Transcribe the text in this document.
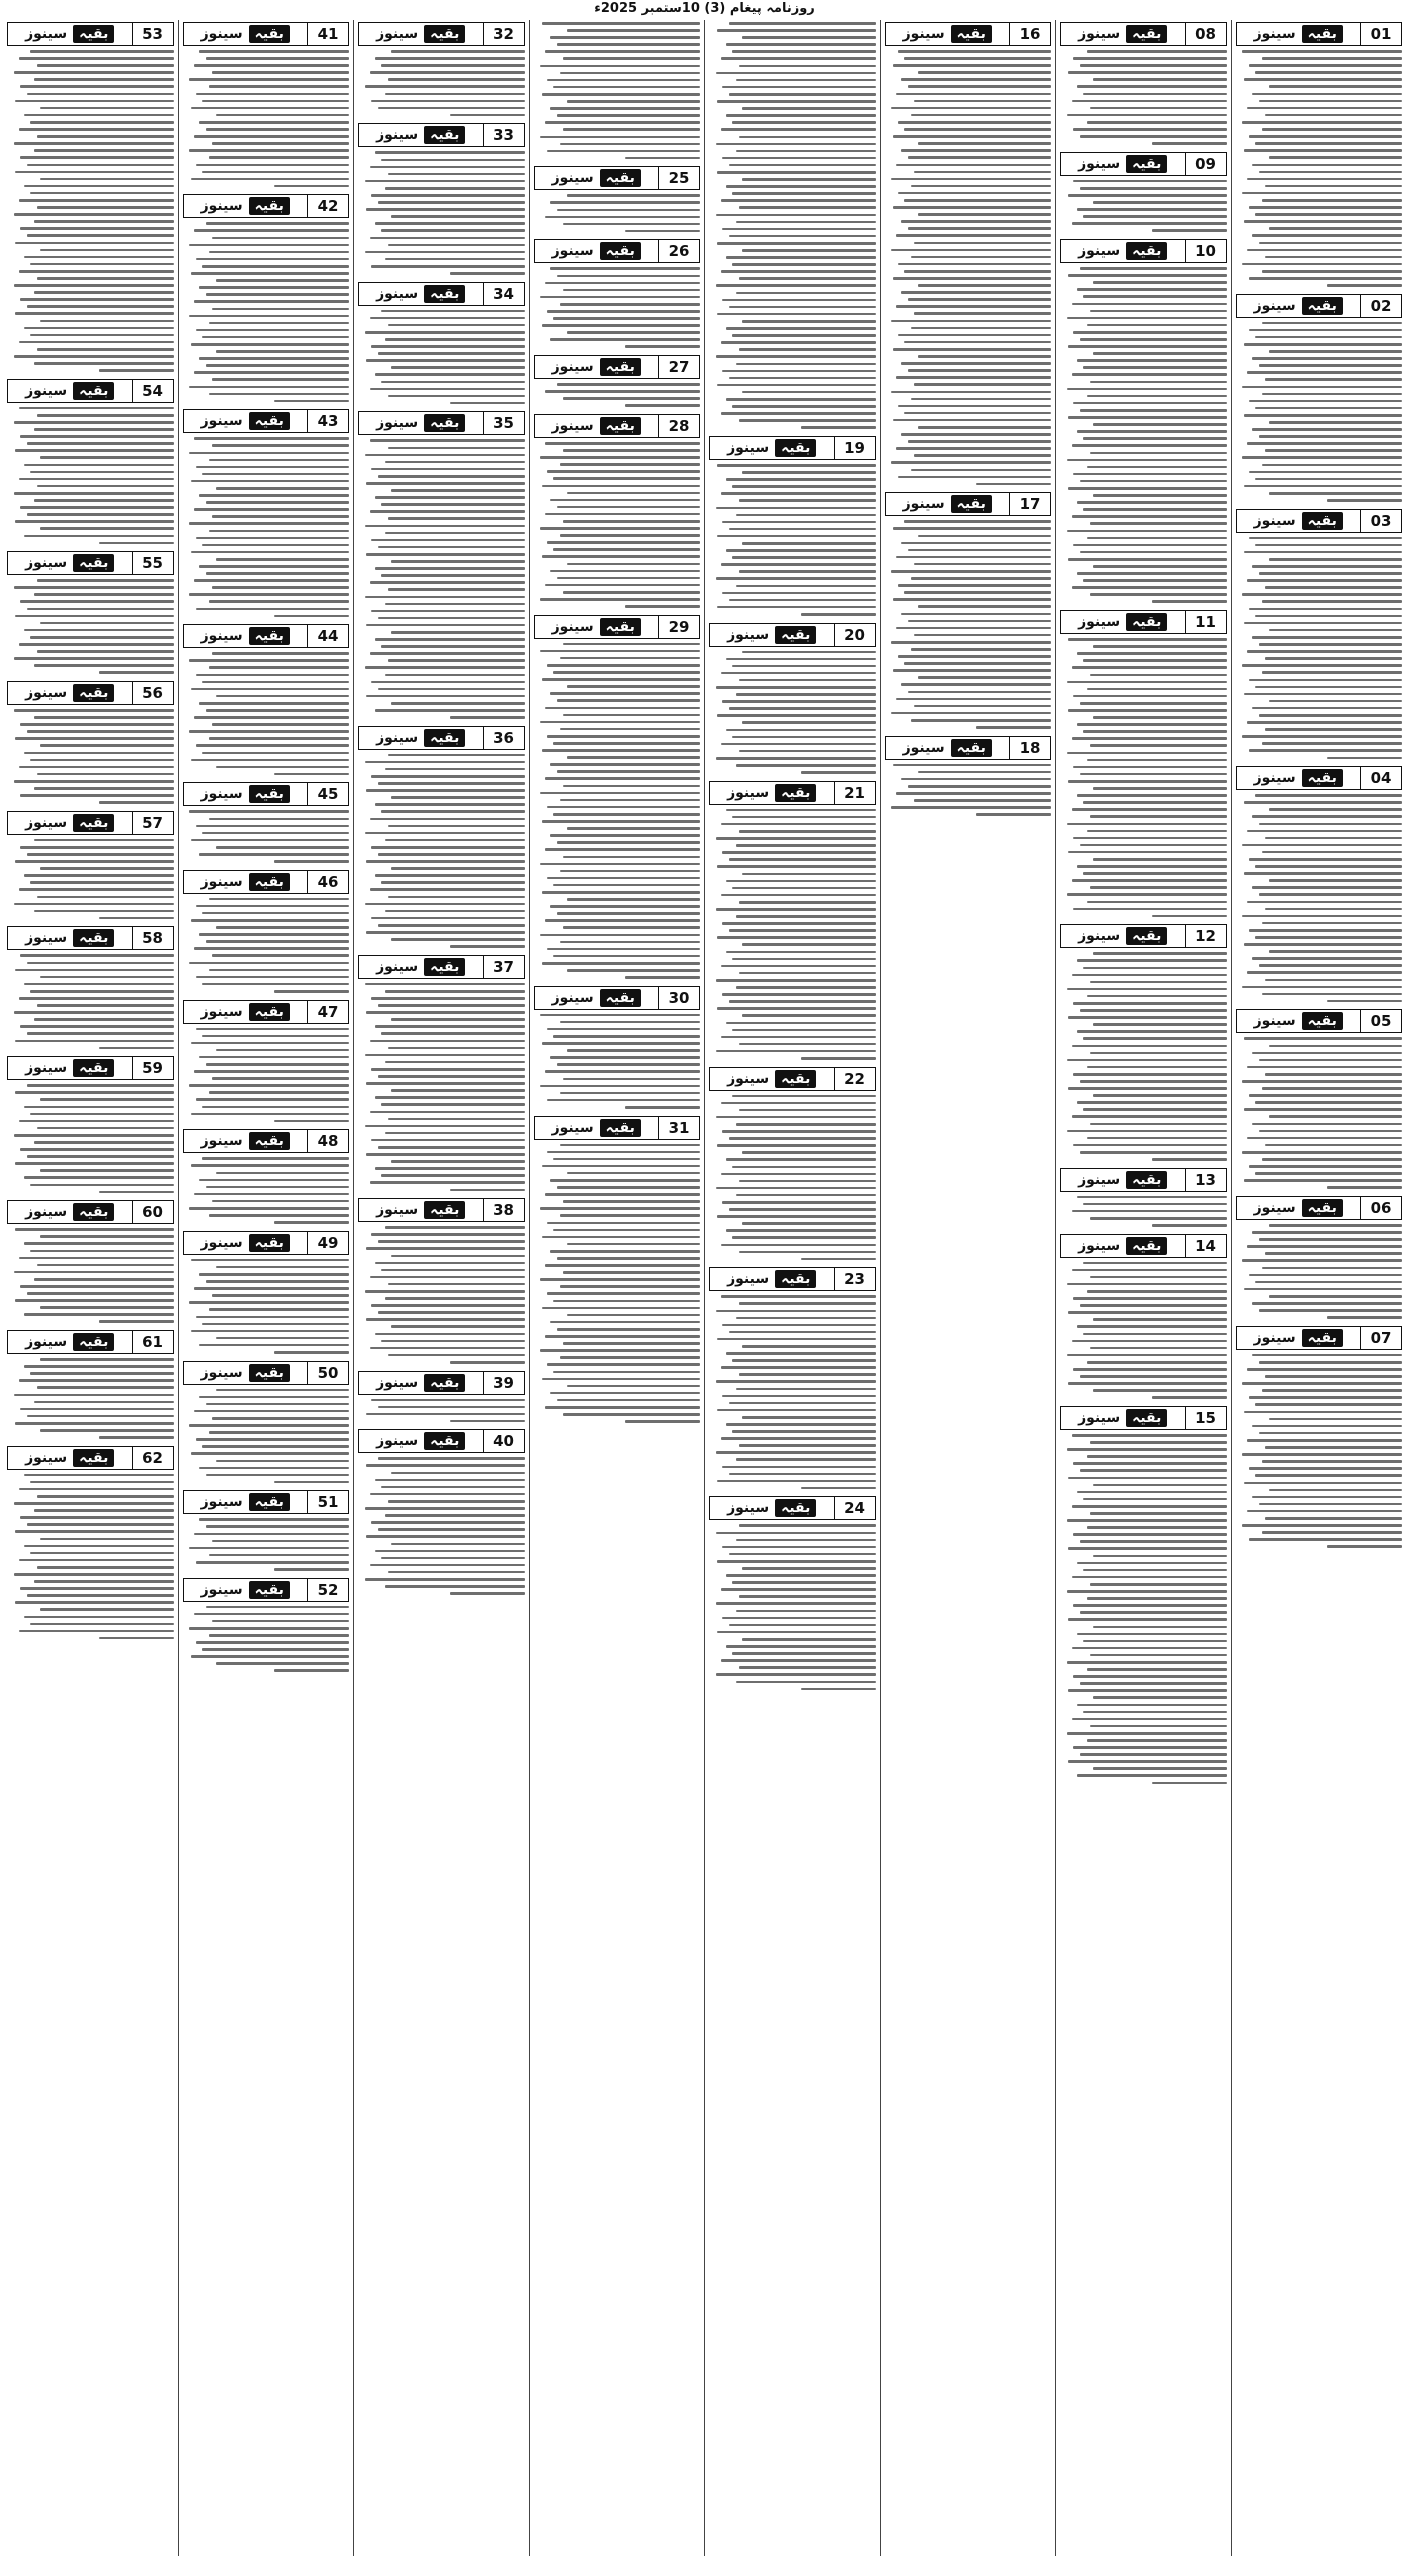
روزنامہ پیغام (3) 10ستمبر 2025ء
01
بقیہ
سینوز
02
بقیہ
سینوز
03
بقیہ
سینوز
04
بقیہ
سینوز
05
بقیہ
سینوز
06
بقیہ
سینوز
07
بقیہ
سینوز
08
بقیہ
سینوز
09
بقیہ
سینوز
10
بقیہ
سینوز
11
بقیہ
سینوز
12
بقیہ
سینوز
13
بقیہ
سینوز
14
بقیہ
سینوز
15
بقیہ
سینوز
16
بقیہ
سینوز
17
بقیہ
سینوز
18
بقیہ
سینوز
19
بقیہ
سینوز
20
بقیہ
سینوز
21
بقیہ
سینوز
22
بقیہ
سینوز
23
بقیہ
سینوز
24
بقیہ
سینوز
25
بقیہ
سینوز
26
بقیہ
سینوز
27
بقیہ
سینوز
28
بقیہ
سینوز
29
بقیہ
سینوز
30
بقیہ
سینوز
31
بقیہ
سینوز
32
بقیہ
سینوز
33
بقیہ
سینوز
34
بقیہ
سینوز
35
بقیہ
سینوز
36
بقیہ
سینوز
37
بقیہ
سینوز
38
بقیہ
سینوز
39
بقیہ
سینوز
40
بقیہ
سینوز
41
بقیہ
سینوز
42
بقیہ
سینوز
43
بقیہ
سینوز
44
بقیہ
سینوز
45
بقیہ
سینوز
46
بقیہ
سینوز
47
بقیہ
سینوز
48
بقیہ
سینوز
49
بقیہ
سینوز
50
بقیہ
سینوز
51
بقیہ
سینوز
52
بقیہ
سینوز
53
بقیہ
سینوز
54
بقیہ
سینوز
55
بقیہ
سینوز
56
بقیہ
سینوز
57
بقیہ
سینوز
58
بقیہ
سینوز
59
بقیہ
سینوز
60
بقیہ
سینوز
61
بقیہ
سینوز
62
بقیہ
سینوز
